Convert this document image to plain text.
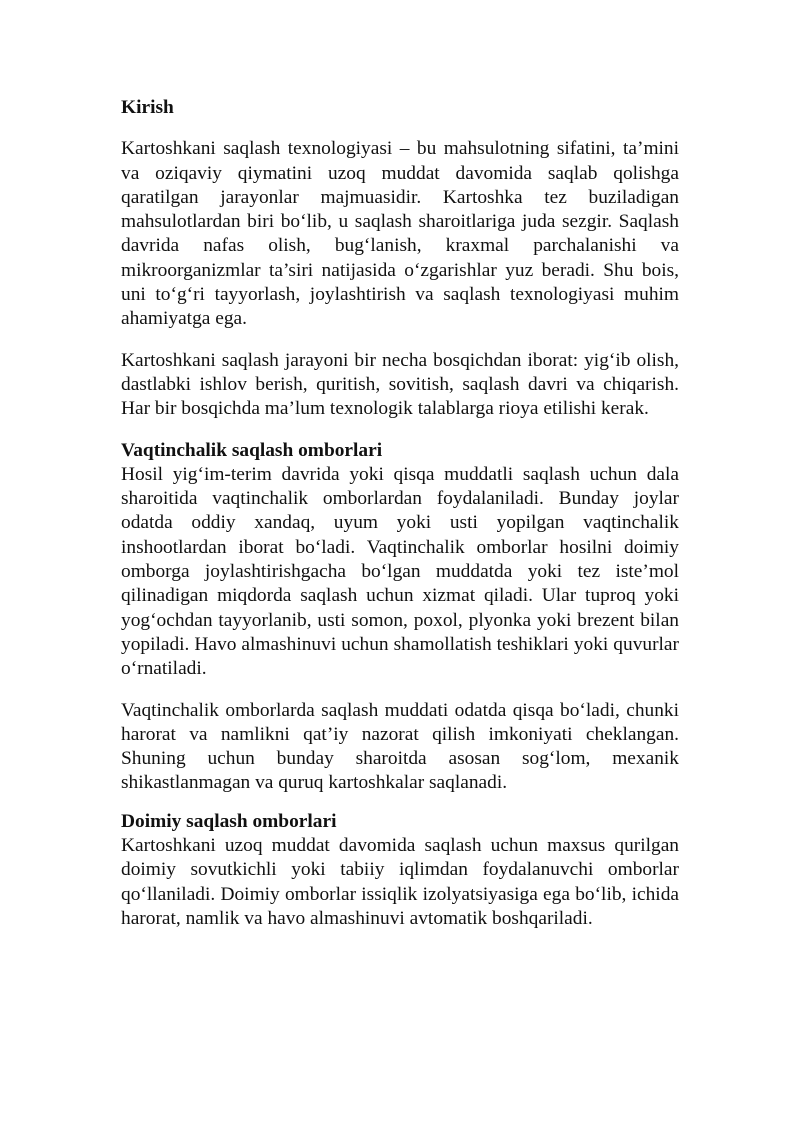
Kirish

Kartoshkani saqlash texnologiyasi – bu mahsulotning sifatini, ta’mini va oziqaviy qiymatini uzoq muddat davomida saqlab qolishga qaratilgan jarayonlar majmuasidir. Kartoshka tez buziladigan mahsulotlardan biri bo‘lib, u saqlash sharoitlariga juda sezgir. Saqlash davrida nafas olish, bug‘lanish, kraxmal parchalanishi va mikroorganizmlar ta’siri natijasida o‘zgarishlar yuz beradi. Shu bois, uni to‘g‘ri tayyorlash, joylashtirish va saqlash texnologiyasi muhim ahamiyatga ega.

Kartoshkani saqlash jarayoni bir necha bosqichdan iborat: yig‘ib olish, dastlabki ishlov berish, quritish, sovitish, saqlash davri va chiqarish. Har bir bosqichda ma’lum texnologik talablarga rioya etilishi kerak.

Vaqtinchalik saqlash omborlari

Hosil yig‘im-terim davrida yoki qisqa muddatli saqlash uchun dala sharoitida vaqtinchalik omborlardan foydalaniladi. Bunday joylar odatda oddiy xandaq, uyum yoki usti yopilgan vaqtinchalik inshootlardan iborat bo‘ladi. Vaqtinchalik omborlar hosilni doimiy omborga joylashtirishgacha bo‘lgan muddatda yoki tez iste’mol qilinadigan miqdorda saqlash uchun xizmat qiladi. Ular tuproq yoki yog‘ochdan tayyorlanib, usti somon, poxol, plyonka yoki brezent bilan yopiladi. Havo almashinuvi uchun shamollatish teshiklari yoki quvurlar o‘rnatiladi.

Vaqtinchalik omborlarda saqlash muddati odatda qisqa bo‘ladi, chunki harorat va namlikni qat’iy nazorat qilish imkoniyati cheklangan. Shuning uchun bunday sharoitda asosan sog‘lom, mexanik shikastlanmagan va quruq kartoshkalar saqlanadi.

Doimiy saqlash omborlari

Kartoshkani uzoq muddat davomida saqlash uchun maxsus qurilgan doimiy sovutkichli yoki tabiiy iqlimdan foydalanuvchi omborlar qo‘llaniladi. Doimiy omborlar issiqlik izolyatsiyasiga ega bo‘lib, ichida harorat, namlik va havo almashinuvi avtomatik boshqariladi.
